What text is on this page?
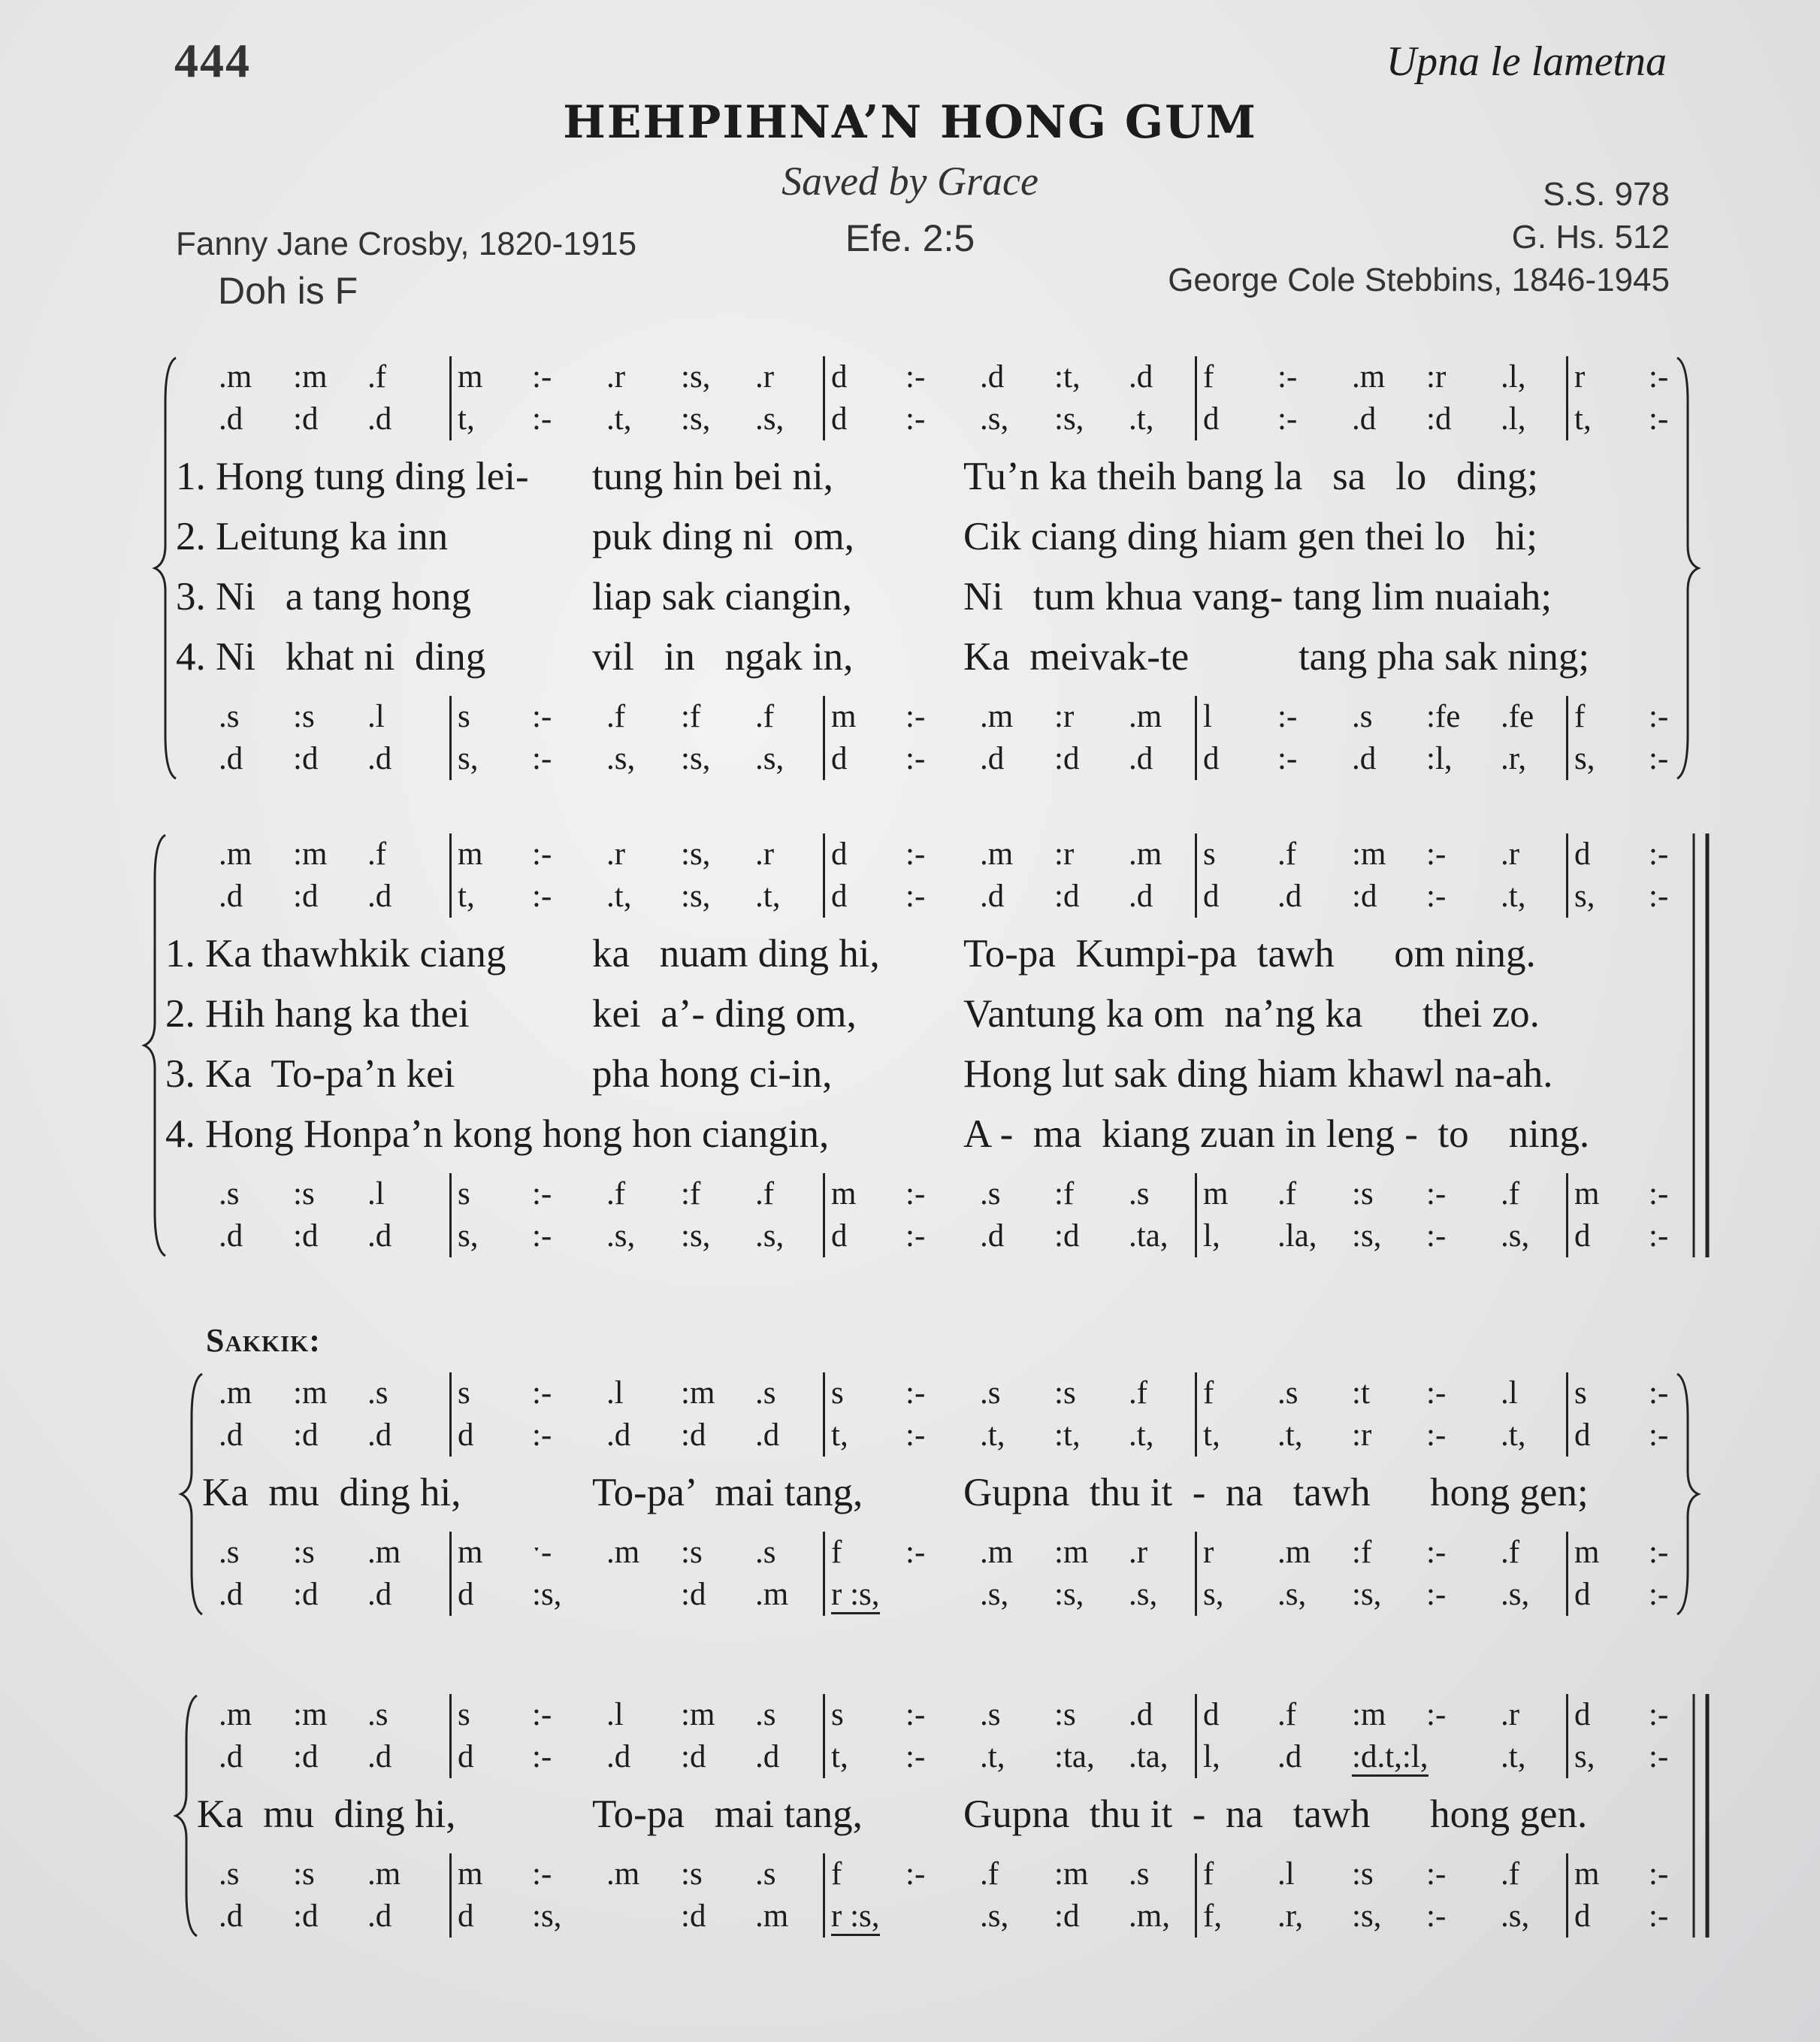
444	Upna le lametna
HEHPIHNA’N HONG GUM
Saved by Grace
Efe. 2:5
Fanny Jane Crosby, 1820-1915
Doh is F
S.S. 978
G. Hs. 512
George Cole Stebbins, 1846-1945
Sakkik:
.m	:m	.f	m	:-	.r	:s,	.r	d	:-	.d	:t,	.d	f	:-	.m	:r	.l,	r	:-
.d	:d	.d	t,	:-	.t,	:s,	.s,	d	:-	.s,	:s,	.t,	d	:-	.d	:d	.l,	t,	:-
1. Hong tung ding lei- tung hin bei ni,	Tu’n ka theih bang la   sa   lo   ding;
2. Leitung ka inn	puk ding ni  om,	Cik ciang ding hiam gen thei lo   hi;
3. Ni   a tang hong	liap sak ciangin,	Ni   tum khua vang- tang lim nuaiah;
4. Ni   khat ni  ding	vil   in   ngak in,	Ka  meivak-te           tang pha sak ning;
.s	:s	.l	s	:-	.f	:f	.f	m	:-	.m	:r	.m	l	:-	.s	:fe	.fe	f	:-
.d	:d	.d	s,	:-	.s,	:s,	.s,	d	:-	.d	:d	.d	d	:-	.d	:l,	.r,	s,	:-
.m	:m	.f	m	:-	.r	:s,	.r	d	:-	.m	:r	.m	s	.f	:m	:-	.r	d	:-
.d	:d	.d	t,	:-	.t,	:s,	.t,	d	:-	.d	:d	.d	d	.d	:d	:-	.t,	s,	:-
1. Ka thawhkik ciang ka   nuam ding hi, To-pa  Kumpi-pa  tawh      om ning.
2. Hih hang ka thei	kei  a’- ding om,	Vantung ka om  na’ng ka      thei zo.
3. Ka  To-pa’n kei	pha hong ci-in,	Hong lut sak ding hiam khawl na-ah.
4. Hong Honpa’n kong hong hon ciangin,	A -  ma  kiang zuan in leng -  to    ning.
.s	:s	.l	s	:-	.f	:f	.f	m	:-	.s	:f	.s	m	.f	:s	:-	.f	m	:-
.d	:d	.d	s,	:-	.s,	:s,	.s,	d	:-	.d	:d	.ta,	l,	.la,	:s,	:-	.s,	d	:-
.m	:m	.s	s	:-	.l	:m	.s	s	:-	.s	:s	.f	f	.s	:t	:-	.l	s	:-
.d	:d	.d	d	:-	.d	:d	.d	t,	:-	.t,	:t,	.t,	t,	.t,	:r	:-	.t,	d	:-
Ka  mu  ding hi,	To-pa’  mai tang,	Gupna  thu it  -  na   tawh      hong gen;
.s	:s	.m	m	ˑ-	.m	:s	.s	f	:-	.m	:m	.r	r	.m	:f	:-	.f	m	:-
.d	:d	.d	d	:s,	:d	.m	r :s,	.s,	:s,	.s,	s,	.s,	:s,	:-	.s,	d	:-
.m	:m	.s	s	:-	.l	:m	.s	s	:-	.s	:s	.d	d	.f	:m	:-	.r	d	:-
.d	:d	.d	d	:-	.d	:d	.d	t,	:-	.t,	:ta,	.ta,	l,	.d	:d.t,:l,	.t,	s,	:-
Ka  mu  ding hi,	To-pa   mai tang,	Gupna  thu it  -  na   tawh      hong gen.
.s	:s	.m	m	:-	.m	:s	.s	f	:-	.f	:m	.s	f	.l	:s	:-	.f	m	:-
.d	:d	.d	d	:s,	:d	.m	r :s,	.s,	:d	.m,	f,	.r,	:s,	:-	.s,	d	:-
